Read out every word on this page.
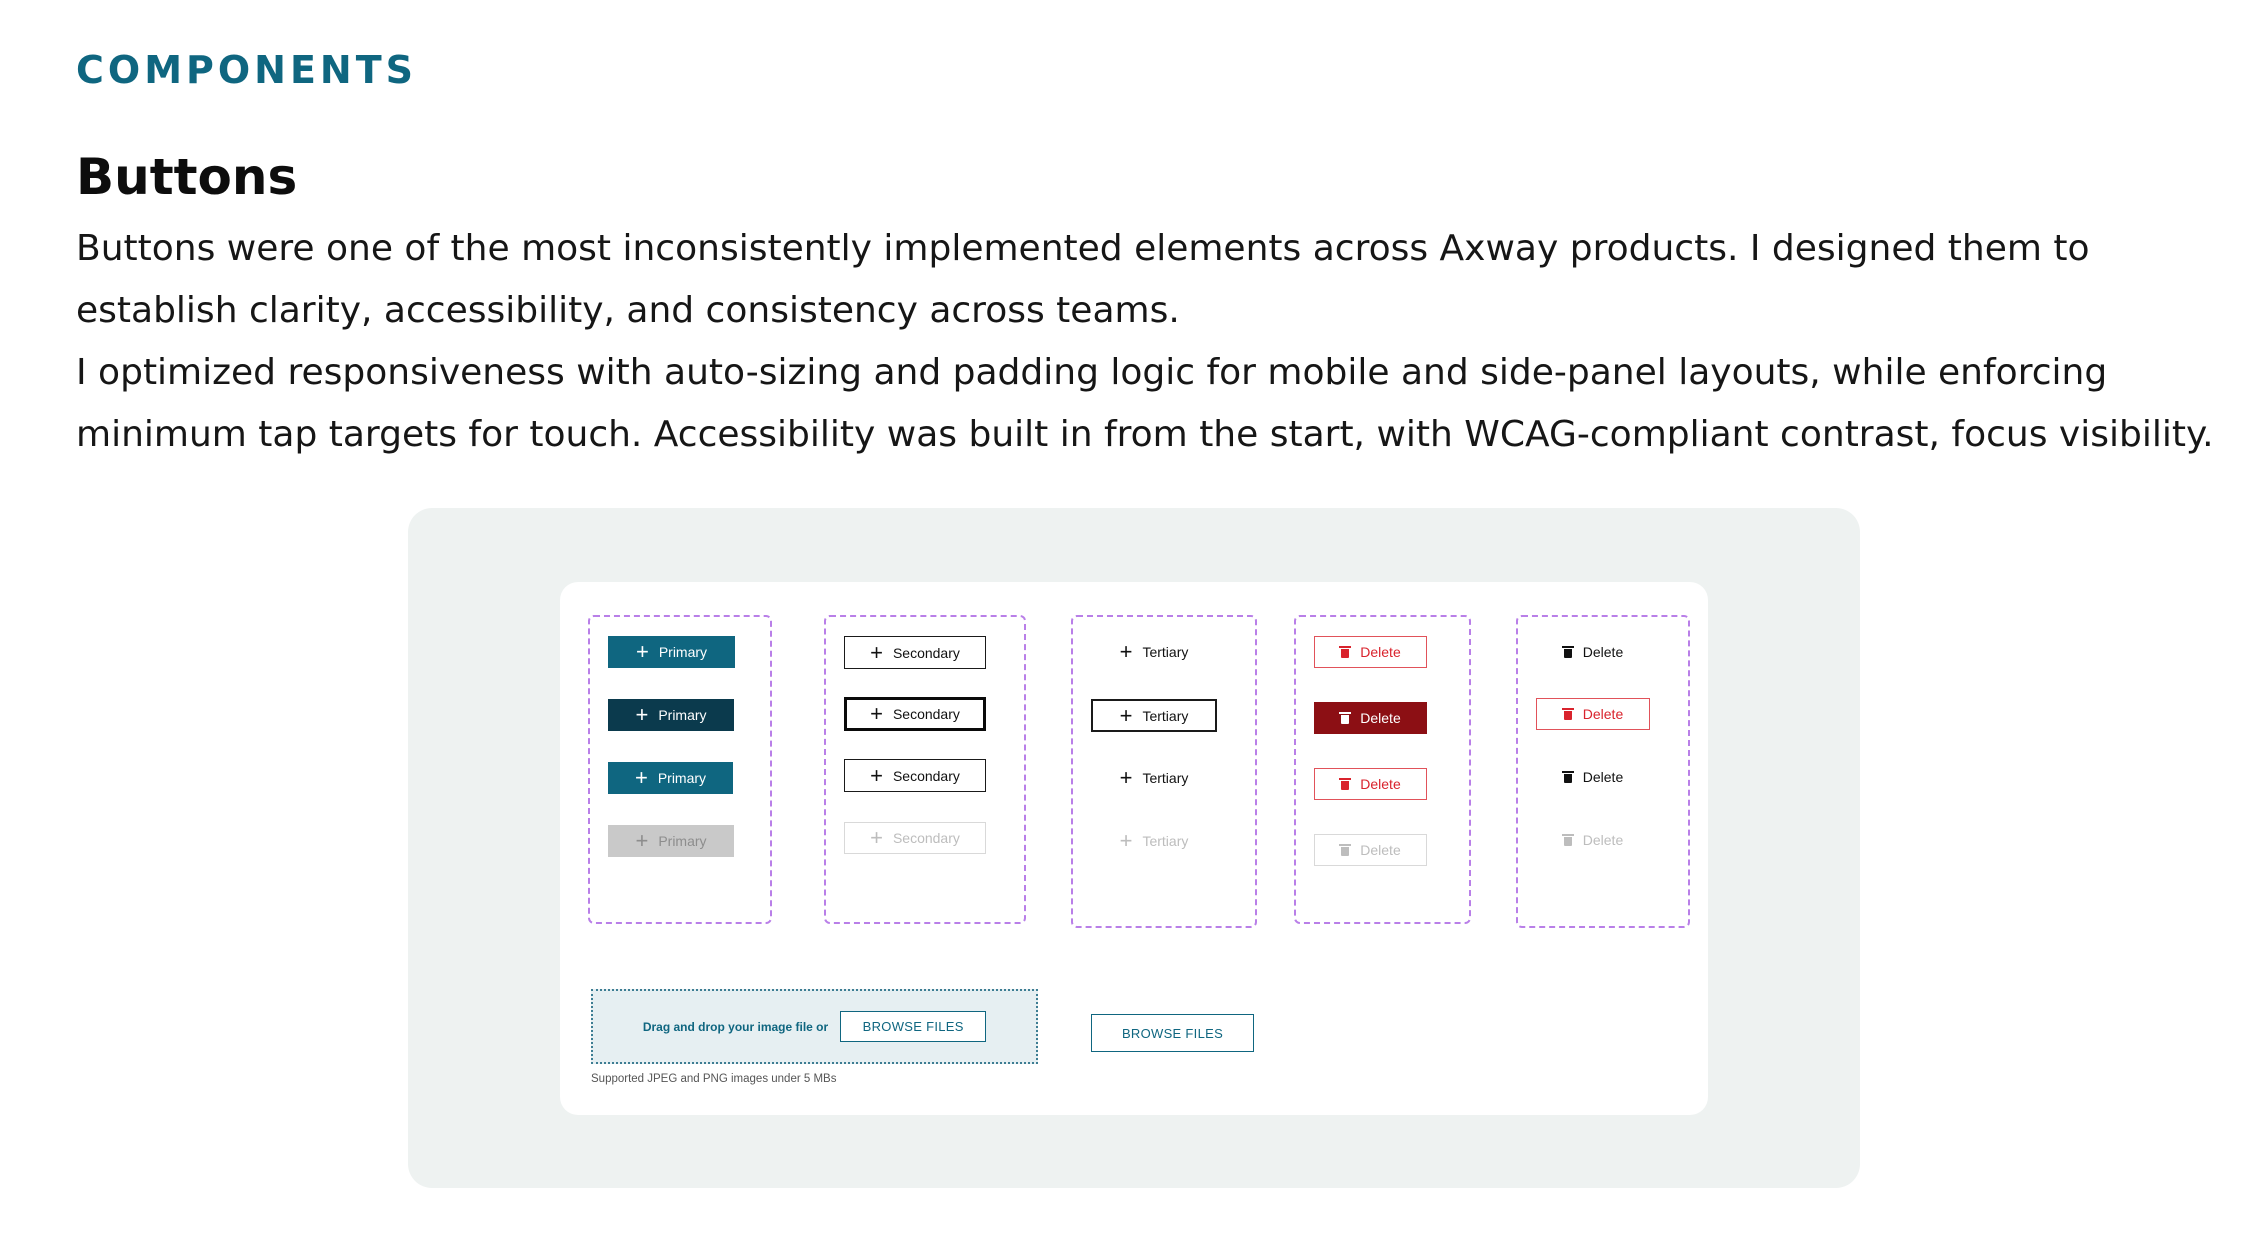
COMPONENTS
Buttons

Buttons were one of the most inconsistently implemented elements across Axway products. I designed them to

establish clarity, accessibility, and consistency across teams.

I optimized responsiveness with auto-sizing and padding logic for mobile and side-panel layouts, while enforcing

minimum tap targets for touch. Accessibility was built in from the start, with WCAG-compliant contrast, focus visibility.

+ Primary
+ Primary
+ Primary
+ Primary
+ Secondary
+ Secondary
+ Secondary
+ Secondary
+ Tertiary
+ Tertiary
+ Tertiary
+ Tertiary
Delete
Delete
Delete
Delete
Delete
Delete
Delete
Delete
Drag and drop your image file or	BROWSE FILES
Supported JPEG and PNG images under 5 MBs
BROWSE FILES
